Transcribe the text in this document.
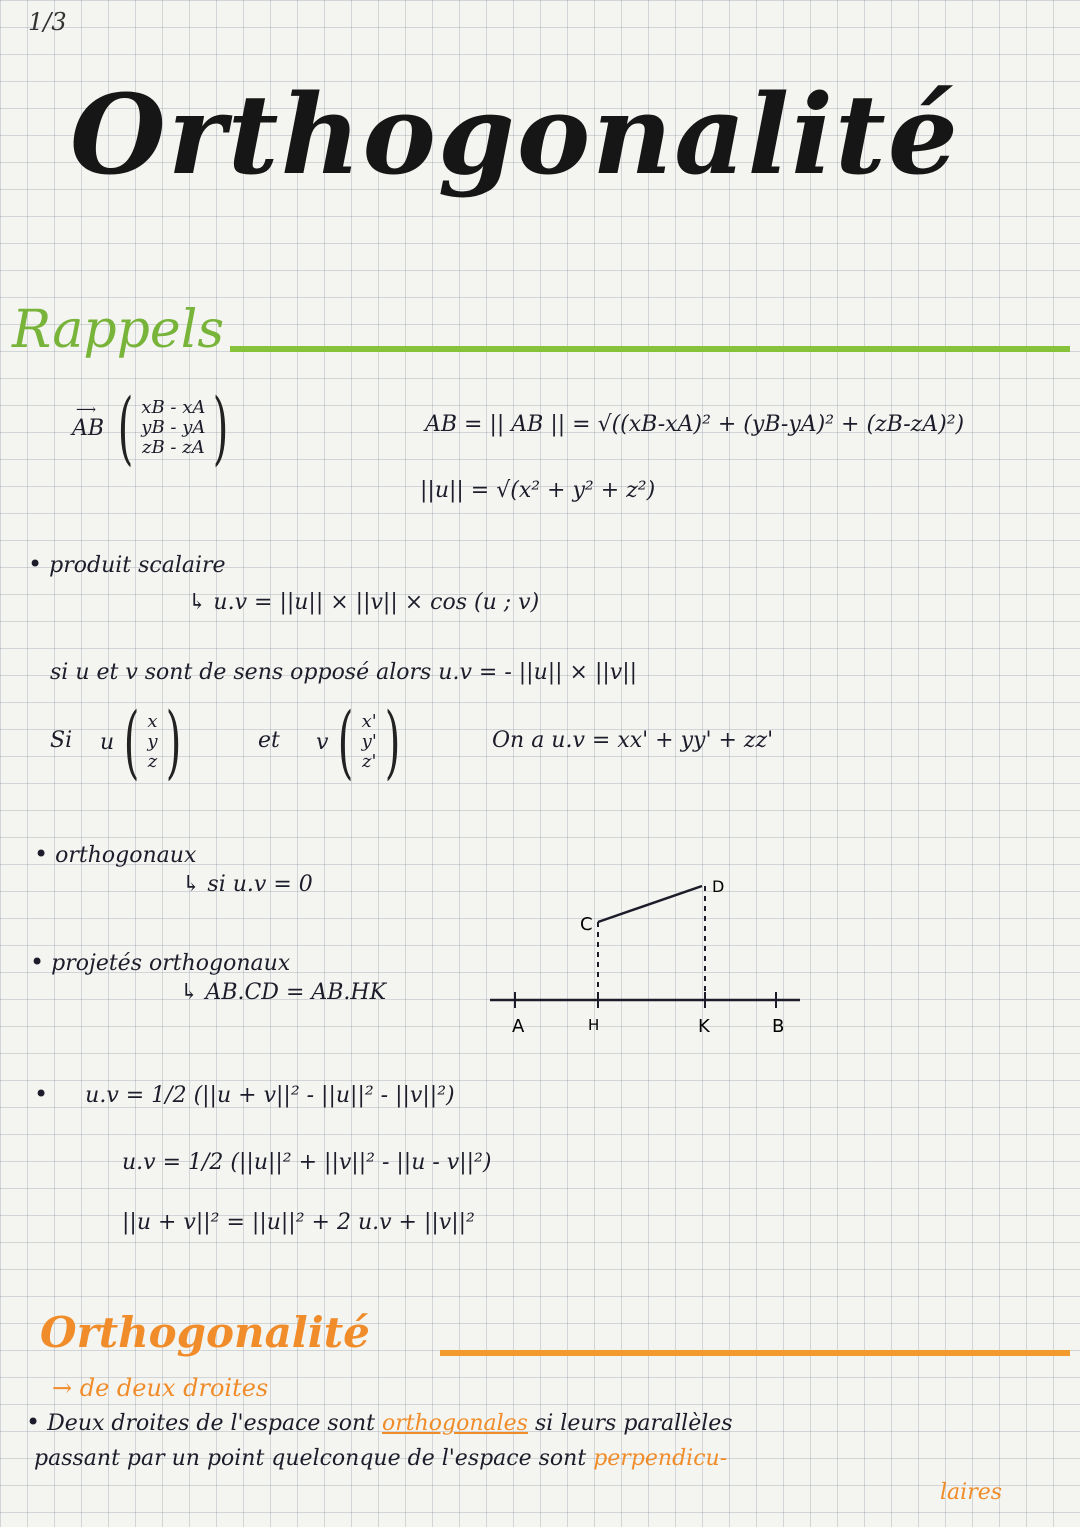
1/3
Orthogonalité
Rappels
⟶
AB ( xB - xA
yB - yA
zB - zA )	AB = || AB || = √((xB-xA)² + (yB-yA)² + (zB-zA)²)
||u|| = √(x² + y² + z²)
• produit scalaire
↳ u.v = ||u|| × ||v|| × cos (u ; v)
si u et v sont de sens opposé alors u.v = - ||u|| × ||v||
Si u ( x
y
z )	et v ( x'
y'
z' )	On a u.v = xx' + yy' + zz'
• orthogonaux
↳ si u.v = 0
• projetés orthogonaux
↳ AB.CD = AB.HK
A	H	K	B
C
D
• u.v = 1/2 (||u + v||² - ||u||² - ||v||²)
u.v = 1/2 (||u||² + ||v||² - ||u - v||²)
||u + v||² = ||u||² + 2 u.v + ||v||²
Orthogonalité
→ de deux droites
• Deux droites de l'espace sont orthogonales si leurs parallèles
passant par un point quelconque de l'espace sont perpendicu-
laires
